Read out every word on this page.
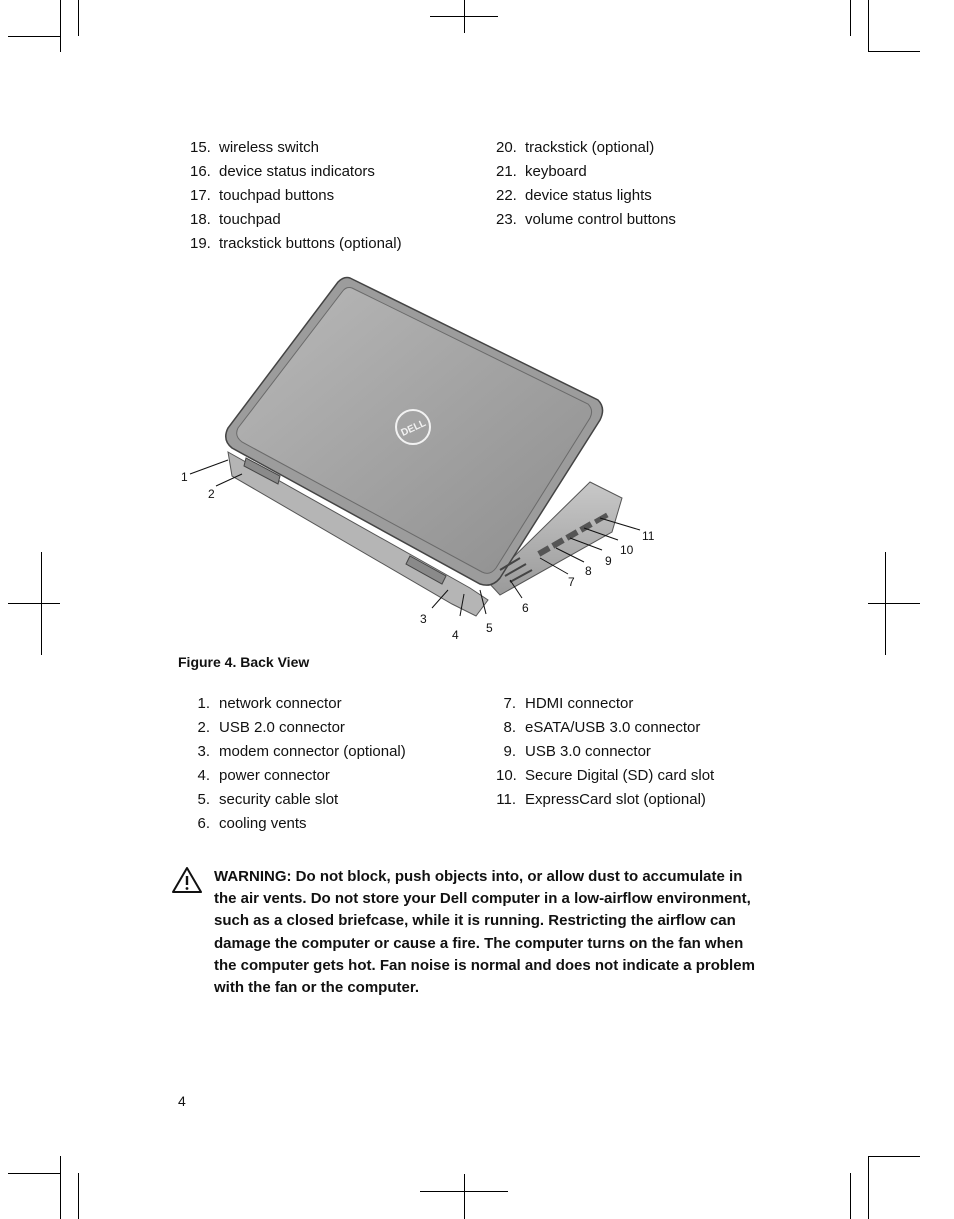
15. wireless switch
16. device status indicators
17. touchpad buttons
18. touchpad
19. trackstick buttons (optional)
20. trackstick (optional)
21. keyboard
22. device status lights
23. volume control buttons
DELL
1
2
3
4 5
6
7
8
9
10
11
Figure 4. Back View
1. network connector
2. USB 2.0 connector
3. modem connector (optional)
4. power connector
5. security cable slot
6. cooling vents
7. HDMI connector
8. eSATA/USB 3.0 connector
9. USB 3.0 connector
10. Secure Digital (SD) card slot
11. ExpressCard slot (optional)
WARNING: Do not block, push objects into, or allow dust to accumulate in the air vents. Do not store your Dell computer in a low-airflow environment, such as a closed briefcase, while it is running. Restricting the airflow can damage the computer or cause a fire. The computer turns on the fan when the computer gets hot. Fan noise is normal and does not indicate a problem with the fan or the computer.
4
